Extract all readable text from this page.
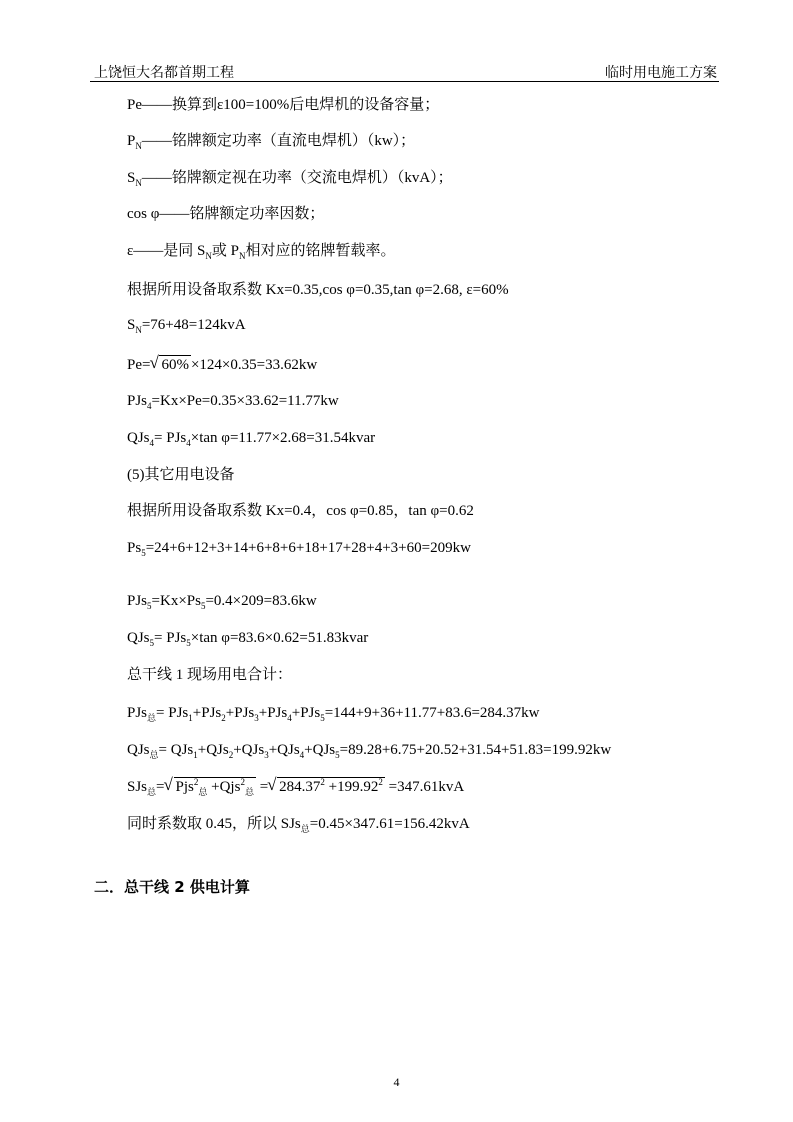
上饶恒大名都首期工程	临时用电施工方案
Pe——换算到ε100=100%后电焊机的设备容量；
$P_N——$铭牌额定功率（直流电焊机）（kw）；
$S_N——$铭牌额定视在功率（交流电焊机）（kvA）；
cos φ——铭牌额定功率因数；
ε——是同 $S_N$或 $P_N$相对应的铭牌暂载率。
根据所用设备取系数 Kx=0.35,cos φ=0.35,tan φ=2.68, ε=60%
$S_N=76+48=124kvA$
Pe= √ 60% ×124×0.35=33.62kw
PJs$_4$=Kx×Pe=0.35×33.62=11.77kw
QJs$_4$= PJs$_4$×tan φ=11.77×2.68=31.54kvar
(5)其它用电设备
根据所用设备取系数 Kx=0.4，cos φ=0.85，tan φ=0.62
$Ps_5=24+6+12+3+14+6+8+6+18+17+28+4+3+60=209kw$
$PJs_5=Kx\times Ps_5=0.4\times 209=83.6kw$
QJs$_5$= PJs$_5$×tan φ=83.6×0.62=51.83kvar
总干线 1 现场用电合计：
PJs$_总$= PJs$_1$+PJs$_2$+PJs$_3$+PJs$_4$+PJs$_5$=144+9+36+11.77+83.6=284.37kw
QJs$_总$= QJs$_1$+QJs$_2$+QJs$_3$+QJs$_4$+QJs$_5$=89.28+6.75+20.52+31.54+51.83=199.92kw
SJs$_总$= √ Pjs$^2_总$ +Qjs$^2_总$ = √ $284.37^2 +199.92^2 =347.61kvA$
同时系数取 0.45，所以 SJs$_总$=0.45×347.61=156.42kvA
二．总干线 2 供电计算
4
